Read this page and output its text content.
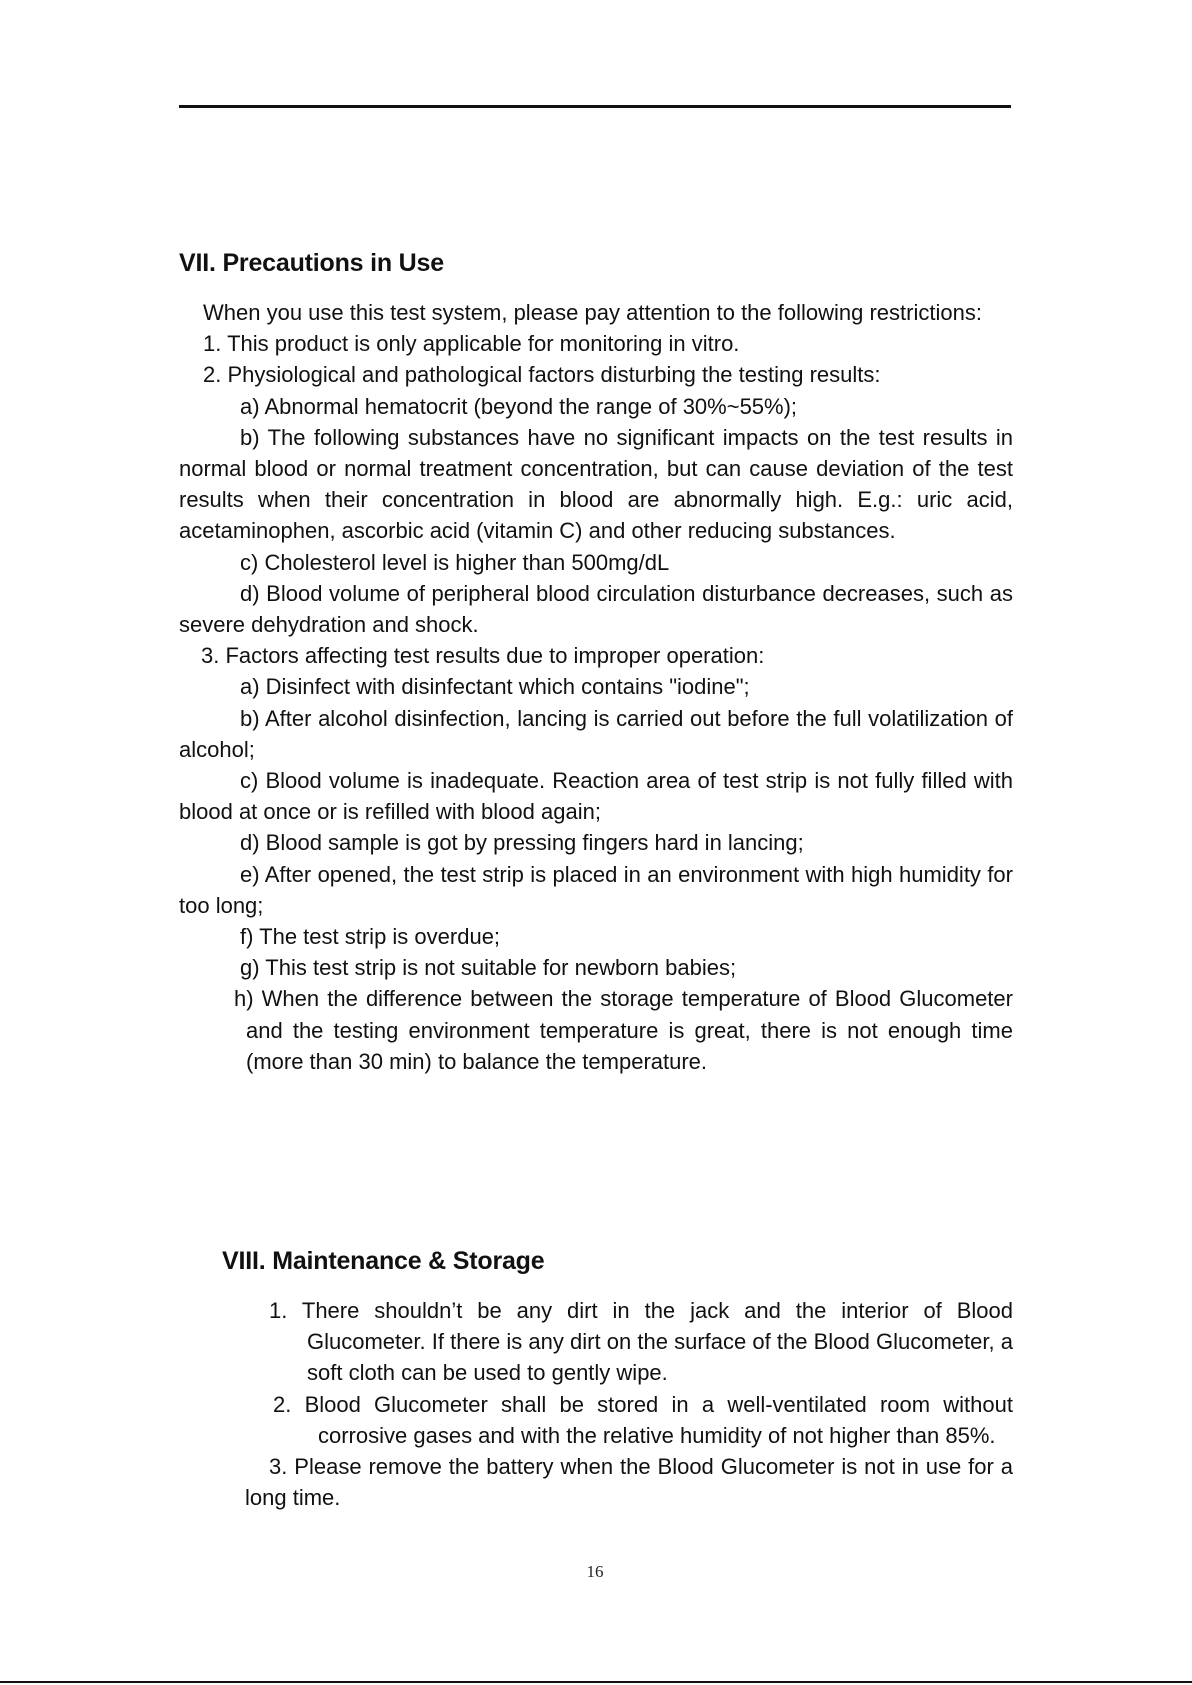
VII. Precautions in Use

When you use this test system, please pay attention to the following restrictions:

1. This product is only applicable for monitoring in vitro.

2. Physiological and pathological factors disturbing the testing results:

a) Abnormal hematocrit (beyond the range of 30%~55%);

b) The following substances have no significant impacts on the test results in normal blood or normal treatment concentration, but can cause deviation of the test results when their concentration in blood are abnormally high. E.g.: uric acid, acetaminophen, ascorbic acid (vitamin C) and other reducing substances.

c) Cholesterol level is higher than 500mg/dL

d) Blood volume of peripheral blood circulation disturbance decreases, such as severe dehydration and shock.

3. Factors affecting test results due to improper operation:

a) Disinfect with disinfectant which contains "iodine";

b) After alcohol disinfection, lancing is carried out before the full volatilization of alcohol;

c) Blood volume is inadequate. Reaction area of test strip is not fully filled with blood at once or is refilled with blood again;

d) Blood sample is got by pressing fingers hard in lancing;

e) After opened, the test strip is placed in an environment with high humidity for too long;

f) The test strip is overdue;

g) This test strip is not suitable for newborn babies;

h) When the difference between the storage temperature of Blood Glucometer and the testing environment temperature is great, there is not enough time (more than 30 min) to balance the temperature.

VIII. Maintenance & Storage

1. There shouldn’t be any dirt in the jack and the interior of Blood Glucometer. If there is any dirt on the surface of the Blood Glucometer, a soft cloth can be used to gently wipe.

2. Blood Glucometer shall be stored in a well-ventilated room without corrosive gases and with the relative humidity of not higher than 85%.

3. Please remove the battery when the Blood Glucometer is not in use for a long time.

16
